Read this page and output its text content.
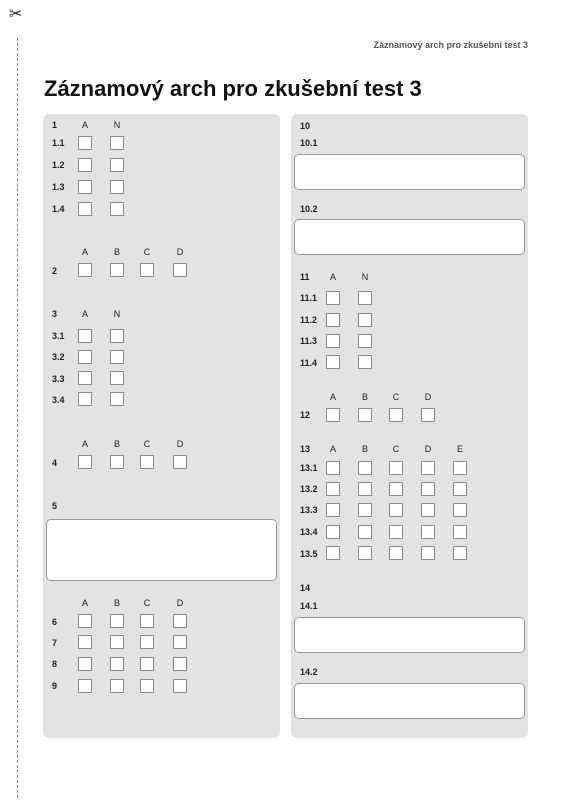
✂
Záznamový arch pro zkušební test 3
Záznamový arch pro zkušební test 3
1	A	N
1.1
1.2
1.3
1.4
A	B	C	D
2
3	A	N
3.1
3.2
3.3
3.4
A	B	C	D
4
5
A	B	C	D
6
7
8
9
10
10.1
10.2
11	A	N
11.1
11.2
11.3
11.4
A	B	C	D
12
13	A	B	C	D	E
13.1
13.2
13.3
13.4
13.5
14
14.1
14.2
